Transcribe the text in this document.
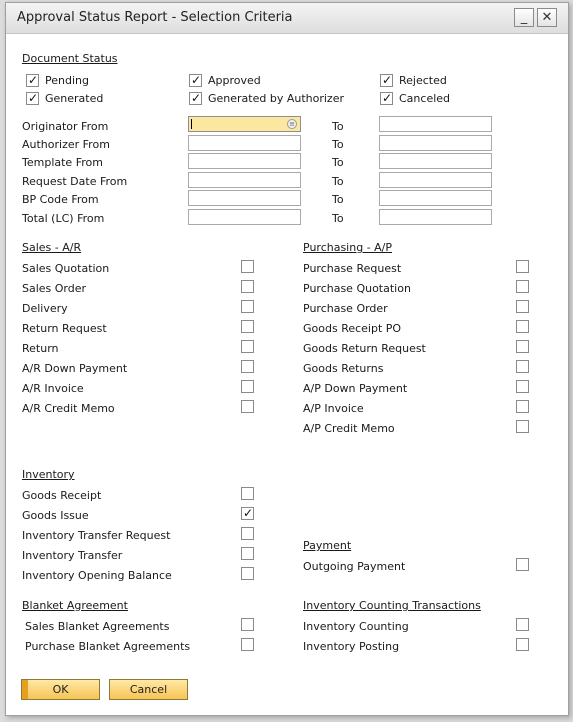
Approval Status Report - Selection Criteria	_	✕
Document Status
✓ Pending	✓ Approved	✓ Rejected
✓ Generated	✓ Generated by Authorizer	✓ Canceled
Originator From	≡	To
Authorizer From	To
Template From	To
Request Date From	To
BP Code From	To
Total (LC) From	To
Sales - A/R
Sales Quotation
Sales Order
Delivery
Return Request
Return
A/R Down Payment
A/R Invoice
A/R Credit Memo
Purchasing - A/P
Purchase Request
Purchase Quotation
Purchase Order
Goods Receipt PO
Goods Return Request
Goods Returns
A/P Down Payment
A/P Invoice
A/P Credit Memo
Inventory
Goods Receipt
Goods Issue	✓
Inventory Transfer Request
Inventory Transfer
Inventory Opening Balance
Payment
Outgoing Payment
Blanket Agreement
Sales Blanket Agreements
Purchase Blanket Agreements
Inventory Counting Transactions
Inventory Counting
Inventory Posting
OK	Cancel
